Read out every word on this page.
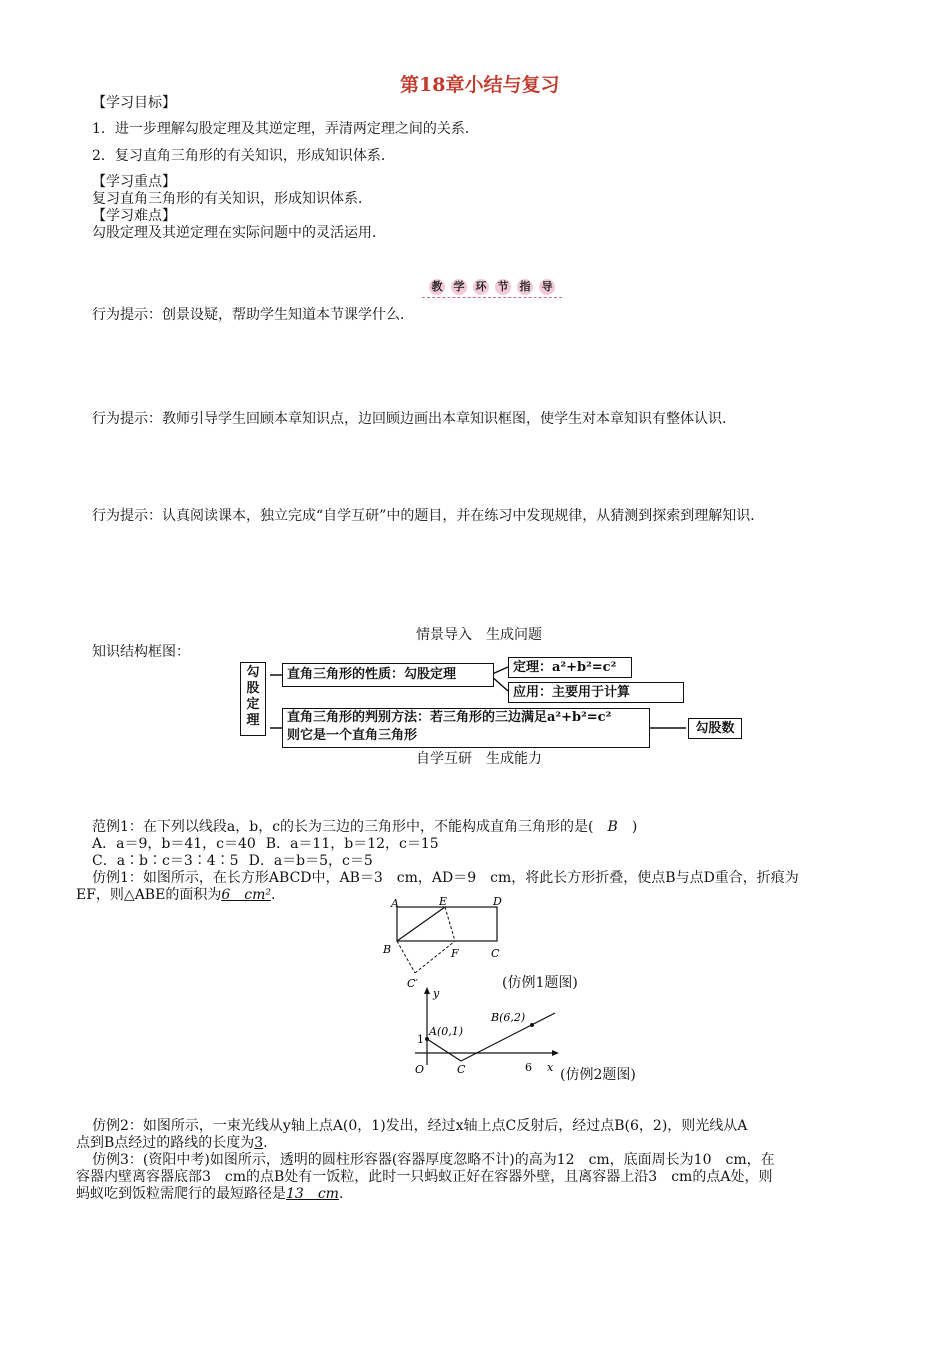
第18章小结与复习
【学习目标】
1．进一步理解勾股定理及其逆定理，弄清两定理之间的关系．
2．复习直角三角形的有关知识，形成知识体系．
【学习重点】
复习直角三角形的有关知识，形成知识体系．
【学习难点】
勾股定理及其逆定理在实际问题中的灵活运用．
教 学 环 节 指 导
行为提示：创景设疑，帮助学生知道本节课学什么．
行为提示：教师引导学生回顾本章知识点，边回顾边画出本章知识框图，使学生对本章知识有整体认识．
行为提示：认真阅读课本，独立完成“自学互研”中的题目，并在练习中发现规律，从猜测到探索到理解知识．
情景导入　生成问题
知识结构框图：
勾股定理
直角三角形的性质：勾股定理	定理：a²+b²=c²
应用：主要用于计算
直角三角形的判别方法：若三角形的三边满足a²+b²=c²
则它是一个直角三角形	勾股数
自学互研　生成能力
范例1：在下列以线段a，b，c的长为三边的三角形中，不能构成直角三角形的是(　B　)
A．a＝9，b＝41，c＝40 B．a＝11，b＝12，c＝15
C．a∶b∶c＝3∶4∶5 D．a＝b＝5，c＝5
仿例1：如图所示，在长方形ABCD中，AB＝3　cm，AD＝9　cm，将此长方形折叠，使点B与点D重合，折痕为
EF，则△ABE的面积为6　cm².
A	E	D
B	F	C
C′	(仿例1题图)
y
A(0,1)
B(6,2)
1
O	C	6 x (仿例2题图)
仿例2：如图所示，一束光线从y轴上点A(0，1)发出，经过x轴上点C反射后，经过点B(6，2)，则光线从A
点到B点经过的路线的长度为3．
仿例3：(资阳中考)如图所示，透明的圆柱形容器(容器厚度忽略不计)的高为12　cm，底面周长为10　cm，在
容器内壁离容器底部3　cm的点B处有一饭粒，此时一只蚂蚁正好在容器外壁，且离容器上沿3　cm的点A处，则
蚂蚁吃到饭粒需爬行的最短路径是13　cm.
